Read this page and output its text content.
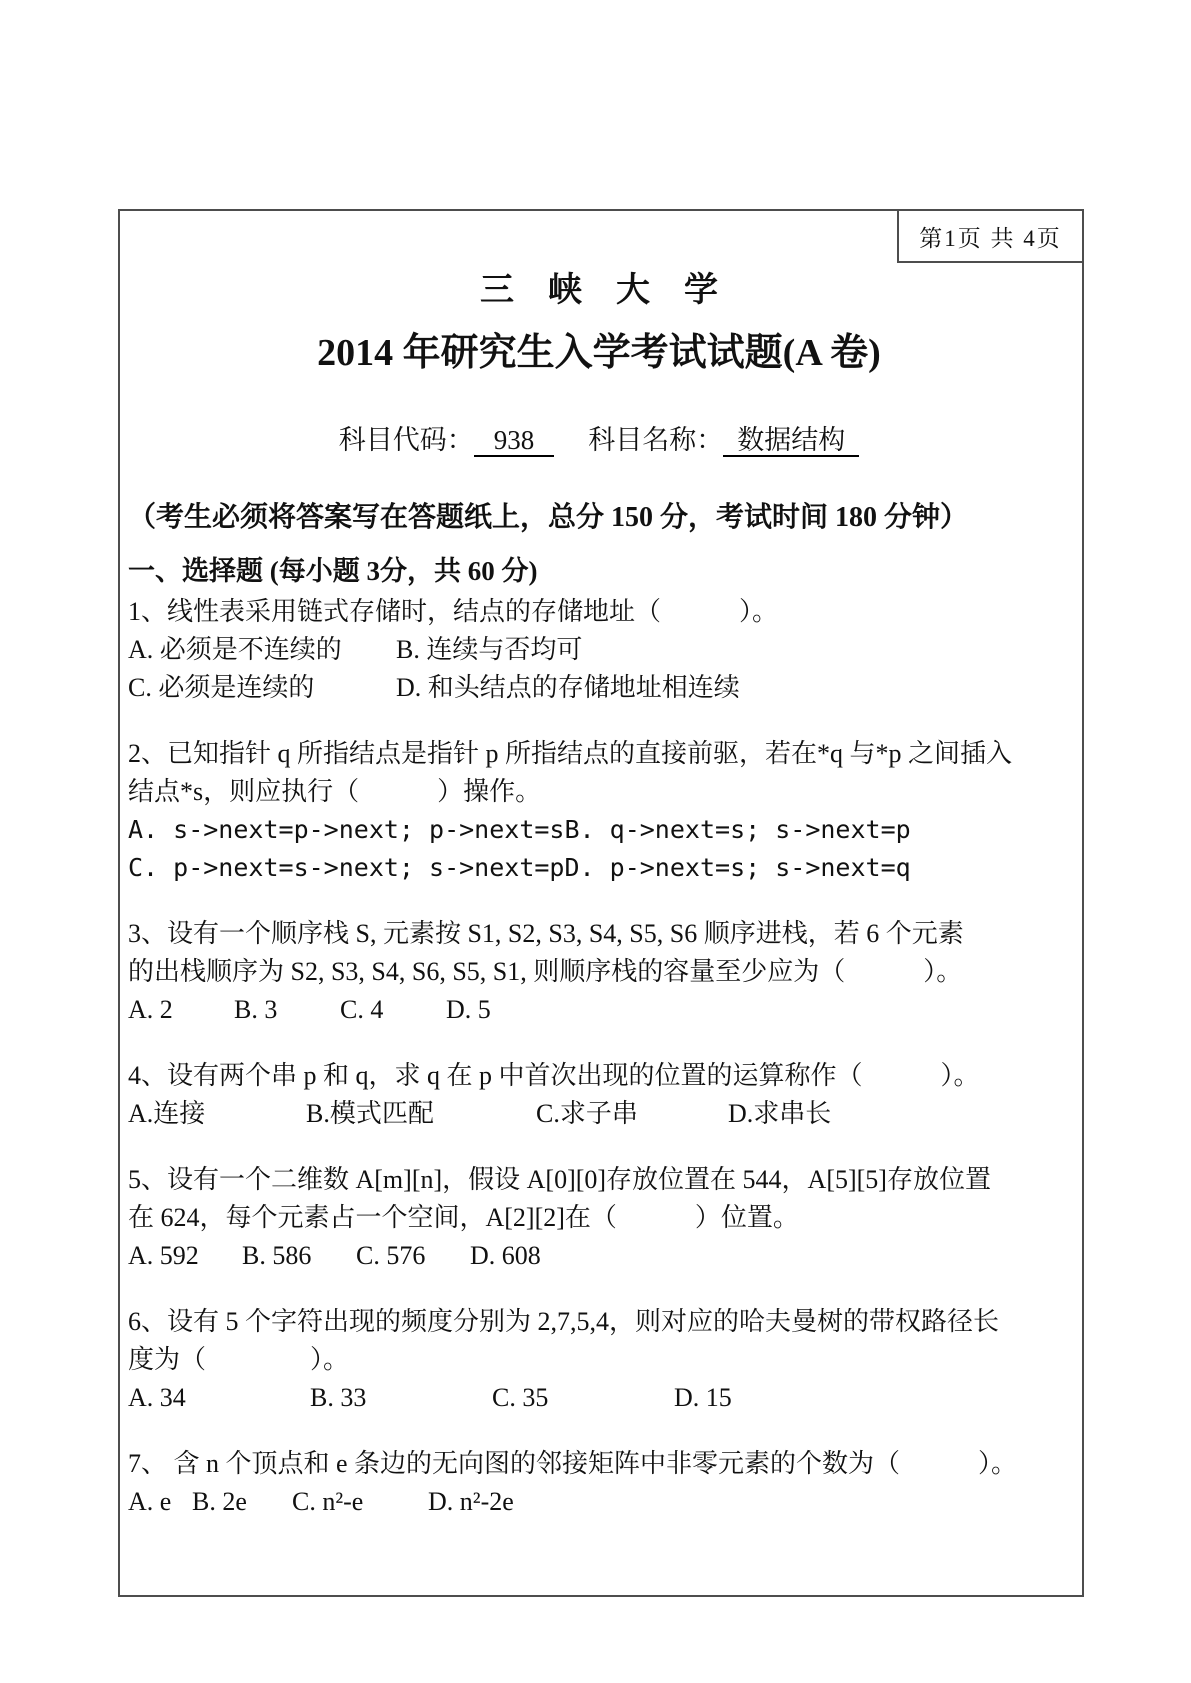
第1页 共 4页
三　峡　大　学
2014 年研究生入学考试试题(A 卷)
科目代码： 938 科目名称： 数据结构
（考生必须将答案写在答题纸上，总分 150 分，考试时间 180 分钟）
一、选择题 (每小题 3分，共 60 分)
1、线性表采用链式存储时，结点的存储地址（　　　）。
A. 必须是不连续的 B. 连续与否均可
C. 必须是连续的	D. 和头结点的存储地址相连续
2、已知指针 q 所指结点是指针 p 所指结点的直接前驱，若在*q 与*p 之间插入
结点*s，则应执行（　　　）操作。
A. s->next=p->next; p->next=sB. q->next=s; s->next=p
C. p->next=s->next; s->next=pD. p->next=s; s->next=q
3、设有一个顺序栈 S, 元素按 S1, S2, S3, S4, S5, S6 顺序进栈，若 6 个元素
的出栈顺序为 S2, S3, S4, S6, S5, S1, 则顺序栈的容量至少应为（　　　）。
A. 2 B. 3 C. 4 D. 5
4、设有两个串 p 和 q，求 q 在 p 中首次出现的位置的运算称作（　　　）。
A.连接	B.模式匹配	C.求子串	D.求串长
5、设有一个二维数 A[m][n]，假设 A[0][0]存放位置在 544，A[5][5]存放位置
在 624，每个元素占一个空间，A[2][2]在（　　　）位置。
A. 592 B. 586 C. 576 D. 608
6、设有 5 个字符出现的频度分别为 2,7,5,4，则对应的哈夫曼树的带权路径长
度为（　　　　）。
A. 34	B. 33	C. 35	D. 15
7、 含 n 个顶点和 e 条边的无向图的邻接矩阵中非零元素的个数为（　　　）。
A. e B. 2e C. n²-e D. n²-2e
